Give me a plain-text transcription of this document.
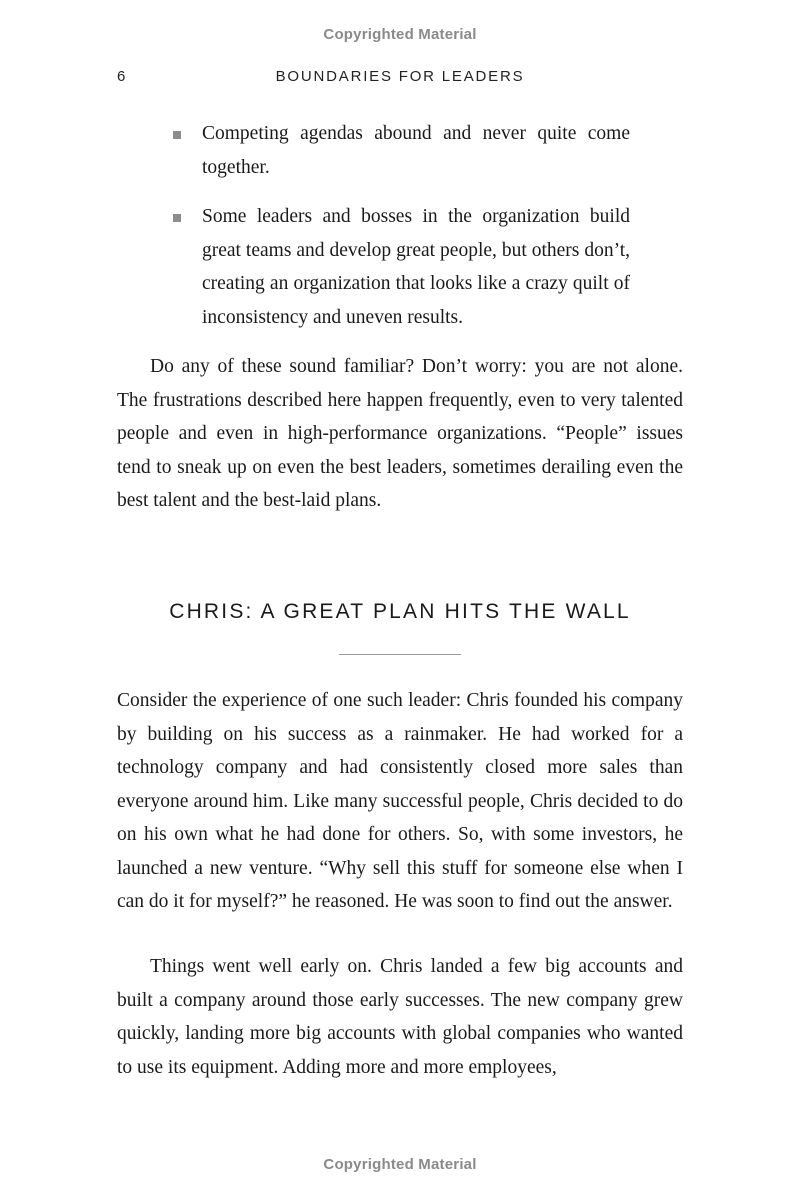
Copyrighted Material
6	BOUNDARIES FOR LEADERS
Competing agendas abound and never quite come together.
Some leaders and bosses in the organization build great teams and develop great people, but others don’t, creating an organization that looks like a crazy quilt of inconsistency and uneven results.

Do any of these sound familiar? Don’t worry: you are not alone. The frustrations described here happen frequently, even to very talented people and even in high-performance organizations. “People” issues tend to sneak up on even the best leaders, sometimes derailing even the best talent and the best-laid plans.

CHRIS: A GREAT PLAN HITS THE WALL

Consider the experience of one such leader: Chris founded his company by building on his success as a rainmaker. He had worked for a technology company and had consistently closed more sales than everyone around him. Like many successful people, Chris decided to do on his own what he had done for others. So, with some investors, he launched a new venture. “Why sell this stuff for someone else when I can do it for myself?” he reasoned. He was soon to find out the answer.

Things went well early on. Chris landed a few big accounts and built a company around those early successes. The new company grew quickly, landing more big accounts with global companies who wanted to use its equipment. Adding more and more employees,

Copyrighted Material
